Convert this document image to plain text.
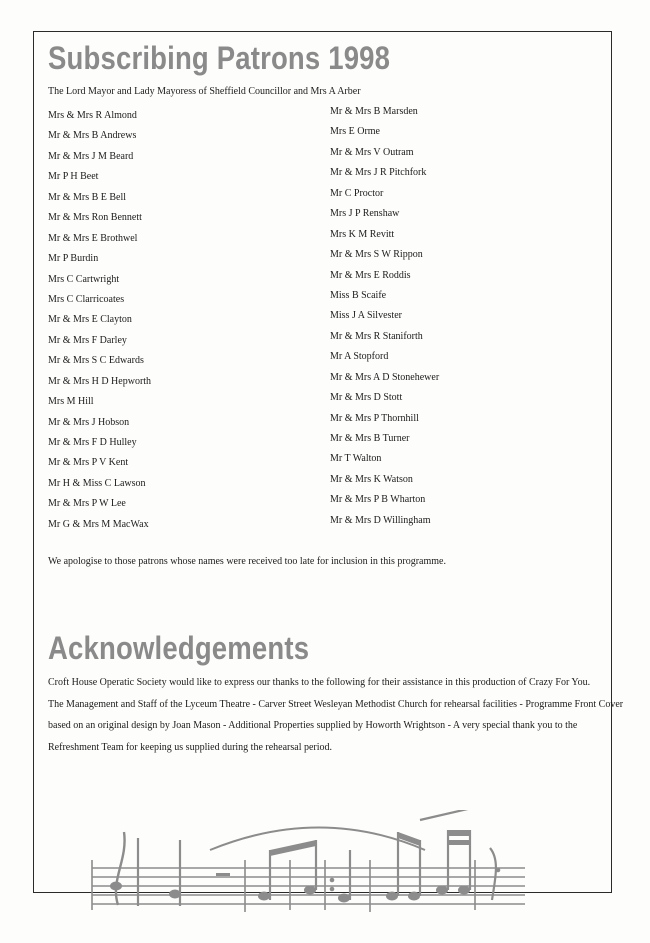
Subscribing Patrons 1998
The Lord Mayor and Lady Mayoress of Sheffield Councillor and Mrs A Arber
Mrs & Mrs R Almond
Mr & Mrs B Andrews
Mr & Mrs J M Beard
Mr P H Beet
Mr & Mrs B E Bell
Mr & Mrs Ron Bennett
Mr & Mrs E Brothwel
Mr P Burdin
Mrs C Cartwright
Mrs C Clarricoates
Mr & Mrs E Clayton
Mr & Mrs F Darley
Mr & Mrs S C Edwards
Mr & Mrs H D Hepworth
Mrs M Hill
Mr & Mrs J Hobson
Mr & Mrs F D Hulley
Mr & Mrs P V Kent
Mr H & Miss C Lawson
Mr & Mrs P W Lee
Mr G & Mrs M MacWax
Mr & Mrs B Marsden
Mrs E Orme
Mr & Mrs V Outram
Mr & Mrs J R Pitchfork
Mr C Proctor
Mrs J P Renshaw
Mrs K M Revitt
Mr & Mrs S W Rippon
Mr & Mrs E Roddis
Miss B Scaife
Miss J A Silvester
Mr & Mrs R Staniforth
Mr A Stopford
Mr & Mrs A D Stonehewer
Mr & Mrs D Stott
Mr & Mrs P Thornhill
Mr & Mrs B Turner
Mr T Walton
Mr & Mrs K Watson
Mr & Mrs P B Wharton
Mr & Mrs D Willingham
We apologise to those patrons whose names were received too late for inclusion in this programme.
Acknowledgements
Croft House Operatic Society would like to express our thanks to the following for their assistance in this production of Crazy For You.
The Management and Staff of the Lyceum Theatre - Carver Street Wesleyan Methodist Church for rehearsal facilities - Programme Front Cover
based on an original design by Joan Mason - Additional Properties supplied by Howorth Wrightson - A very special thank you to the
Refreshment Team for keeping us supplied during the rehearsal period.
